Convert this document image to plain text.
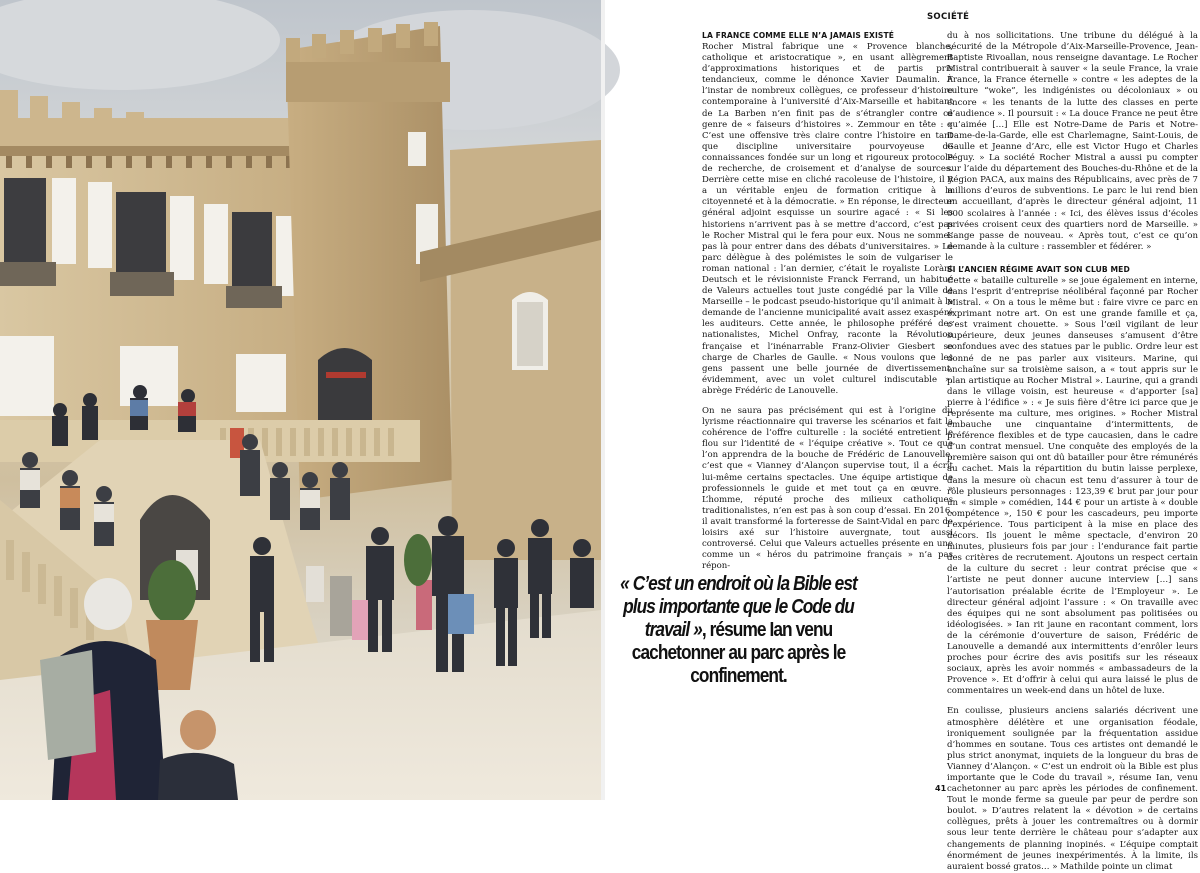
SOCIÉTÉ
LA FRANCE COMME ELLE N’A JAMAIS EXISTÉ

Rocher Mistral fabrique une « Provence blanche, catholique et aristocratique », en usant allègrement d’approximations historiques et de partis pris tendancieux, comme le dénonce Xavier Daumalin. À l’instar de nombreux collègues, ce professeur d’histoire contemporaine à l’université d’Aix-Marseille et habitant de La Barben n’en finit pas de s’étrangler contre ce genre de « faiseurs d’histoires ». Zemmour en tête : « C’est une offensive très claire contre l’histoire en tant que discipline universitaire pourvoyeuse de connaissances fondée sur un long et rigoureux protocole de recherche, de croisement et d’analyse de sources. Derrière cette mise en cliché racoleuse de l’histoire, il y a un véritable enjeu de formation critique à la citoyenneté et à la démocratie. » En réponse, le directeur général adjoint esquisse un sourire agacé : « Si les historiens n’arrivent pas à se mettre d’accord, c’est pas le Rocher Mistral qui le fera pour eux. Nous ne sommes pas là pour entrer dans des débats d’universitaires. » Le parc délègue à des polémistes le soin de vulgariser le roman national : l’an dernier, c’était le royaliste Lorànt Deutsch et le révisionniste Franck Ferrand, un habitué de Valeurs actuelles tout juste congédié par la Ville de Marseille – le podcast pseudo-historique qu’il animait à la demande de l’ancienne municipalité avait assez exaspéré les auditeurs. Cette année, le philosophe préféré des nationalistes, Michel Onfray, raconte la Révolution française et l’inénarrable Franz-Olivier Giesbert se charge de Charles de Gaulle. « Nous voulons que les gens passent une belle journée de divertissement, évidemment, avec un volet culturel indiscutable », abrège Frédéric de Lanouvelle.

On ne saura pas précisément qui est à l’origine du lyrisme réactionnaire qui traverse les scénarios et fait la cohérence de l’offre culturelle : la société entretient le flou sur l’identité de « l’équipe créative ». Tout ce que l’on apprendra de la bouche de Frédéric de Lanouvelle, c’est que « Vianney d’Alançon supervise tout, il a écrit lui-même certains spectacles. Une équipe artistique de professionnels le guide et met tout ça en œuvre. » L’homme, réputé proche des milieux catholiques traditionalistes, n’en est pas à son coup d’essai. En 2016, il avait transformé la forteresse de Saint-Vidal en parc de loisirs axé sur l’histoire auvergnate, tout aussi controversé. Celui que Valeurs actuelles présente en une comme un « héros du patrimoine français » n’a pas répon-

du à nos sollicitations. Une tribune du délégué à la sécurité de la Métropole d’Aix-Marseille-Provence, Jean-Baptiste Rivoallan, nous renseigne davantage. Le Rocher Mistral contribuerait à sauver « la seule France, la vraie France, la France éternelle » contre « les adeptes de la culture “woke”, les indigénistes ou décoloniaux » ou encore « les tenants de la lutte des classes en perte d’audience ». Il poursuit : « La douce France ne peut être qu’aimée […] Elle est Notre-Dame de Paris et Notre-Dame-de-la-Garde, elle est Charlemagne, Saint-Louis, de Gaulle et Jeanne d’Arc, elle est Victor Hugo et Charles Péguy. » La société Rocher Mistral a aussi pu compter sur l’aide du département des Bouches-du-Rhône et de la Région PACA, aux mains des Républicains, avec près de 7 millions d’euros de subventions. Le parc le lui rend bien en accueillant, d’après le directeur général adjoint, 11 000 scolaires à l’année : « Ici, des élèves issus d’écoles privées croisent ceux des quartiers nord de Marseille. » L’ange passe de nouveau. « Après tout, c’est ce qu’on demande à la culture : rassembler et fédérer. »

SI L’ANCIEN RÉGIME AVAIT SON CLUB MED

Cette « bataille culturelle » se joue également en interne, dans l’esprit d’entreprise néolibéral façonné par Rocher Mistral. « On a tous le même but : faire vivre ce parc en exprimant notre art. On est une grande famille et ça, c’est vraiment chouette. » Sous l’œil vigilant de leur supérieure, deux jeunes danseuses s’amusent d’être confondues avec des statues par le public. Ordre leur est donné de ne pas parler aux visiteurs. Marine, qui enchaîne sur sa troisième saison, a « tout appris sur le plan artistique au Rocher Mistral ». Laurine, qui a grandi dans le village voisin, est heureuse « d’apporter [sa] pierre à l’édifice » : « Je suis fière d’être ici parce que je représente ma culture, mes origines. » Rocher Mistral embauche une cinquantaine d’intermittents, de préférence flexibles et de type caucasien, dans le cadre d’un contrat mensuel. Une conquête des employés de la première saison qui ont dû batailler pour être rémunérés au cachet. Mais la répartition du butin laisse perplexe, dans la mesure où chacun est tenu d’assurer à tour de rôle plusieurs personnages : 123,39 € brut par jour pour un « simple » comédien, 144 € pour un artiste à « double compétence », 150 € pour les cascadeurs, peu importe l’expérience. Tous participent à la mise en place des décors. Ils jouent le même spectacle, d’environ 20 minutes, plusieurs fois par jour : l’endurance fait partie des critères de recrutement. Ajoutons un respect certain de la culture du secret : leur contrat précise que « l’artiste ne peut donner aucune interview […] sans l’autorisation préalable écrite de l’Employeur ». Le directeur général adjoint l’assure : « On travaille avec des équipes qui ne sont absolument pas politisées ou idéologisées. » Ian rit jaune en racontant comment, lors de la cérémonie d’ouverture de saison, Frédéric de Lanouvelle a demandé aux intermittents d’enrôler leurs proches pour écrire des avis positifs sur les réseaux sociaux, après les avoir nommés « ambassadeurs de la Provence ». Et d’offrir à celui qui aura laissé le plus de commentaires un week-end dans un hôtel de luxe.

En coulisse, plusieurs anciens salariés décrivent une atmosphère délétère et une organisation féodale, ironiquement soulignée par la fréquentation assidue d’hommes en soutane. Tous ces artistes ont demandé le plus strict anonymat, inquiets de la longueur du bras de Vianney d’Alançon. « C’est un endroit où la Bible est plus importante que le Code du travail », résume Ian, venu cachetonner au parc après les périodes de confinement. Tout le monde ferme sa gueule par peur de perdre son boulot. » D’autres relatent la « dévotion » de certains collègues, prêts à jouer les contremaîtres ou à dormir sous leur tente derrière le château pour s’adapter aux changements de planning inopinés. « L’équipe comptait énormément de jeunes inexpérimentés. À la limite, ils auraient bossé gratos… » Mathilde pointe un climat

« C’est un endroit où la Bible est plus importante que le Code du travail », résume Ian venu cachetonner au parc après le confinement.
41
